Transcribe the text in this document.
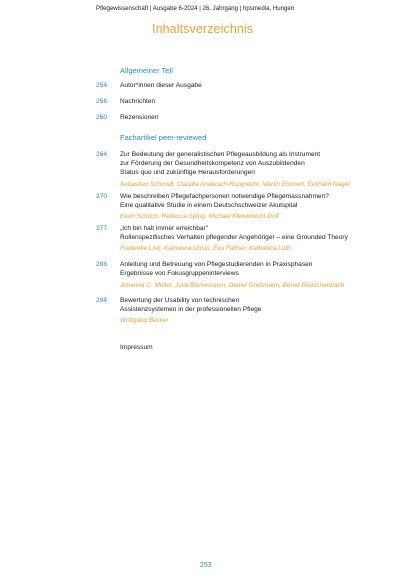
Pflegewissenschaft | Ausgabe 6-2024 | 26. Jahrgang | hpsmedia, Hungen
Inhaltsverzeichnis
Allgemeiner Teil
254 Autor*innen dieser Ausgabe
256 Nachrichten
260 Rezensionen
Fachartikel peer-reviewed
264 Zur Bedeutung der generalistischen Pflegeausbildung als Instrument
zur Förderung der Gesundheitskompetenz von Auszubildenden
Status quo und zukünftige Herausforderungen
Sebastian Schmidt, Claudia Andersch-Rupprecht, Martin Emmert, Eckhard Nagel
270 Wie beschreiben Pflegefachpersonen notwendige Pflegemassnahmen?
Eine qualitative Studie in einem Deutschschweizer Akutspital
Karin Schoch, Rebecca Spirig, Michael Kleinknecht-Dolf
277 „Ich bin halt immer erreichbar"
Rollenspezifisches Verhalten pflegender Angehöriger – eine Grounded Theory
Frederike Link, Katharina Unsin, Eva Faltner, Katharina Lüftl
288 Anleitung und Betreuung von Pflegestudierenden in Praxisphasen
Ergebnisse von Fokusgruppeninterviews
Johanna C. Müller, Julia Blumenstein, Daniel Großmann, Bernd Reuschenbach
294 Bewertung der Usability von technischen
Assistenzsystemen in der professionellen Pflege
Wolfgang Becker
Impressum
253
